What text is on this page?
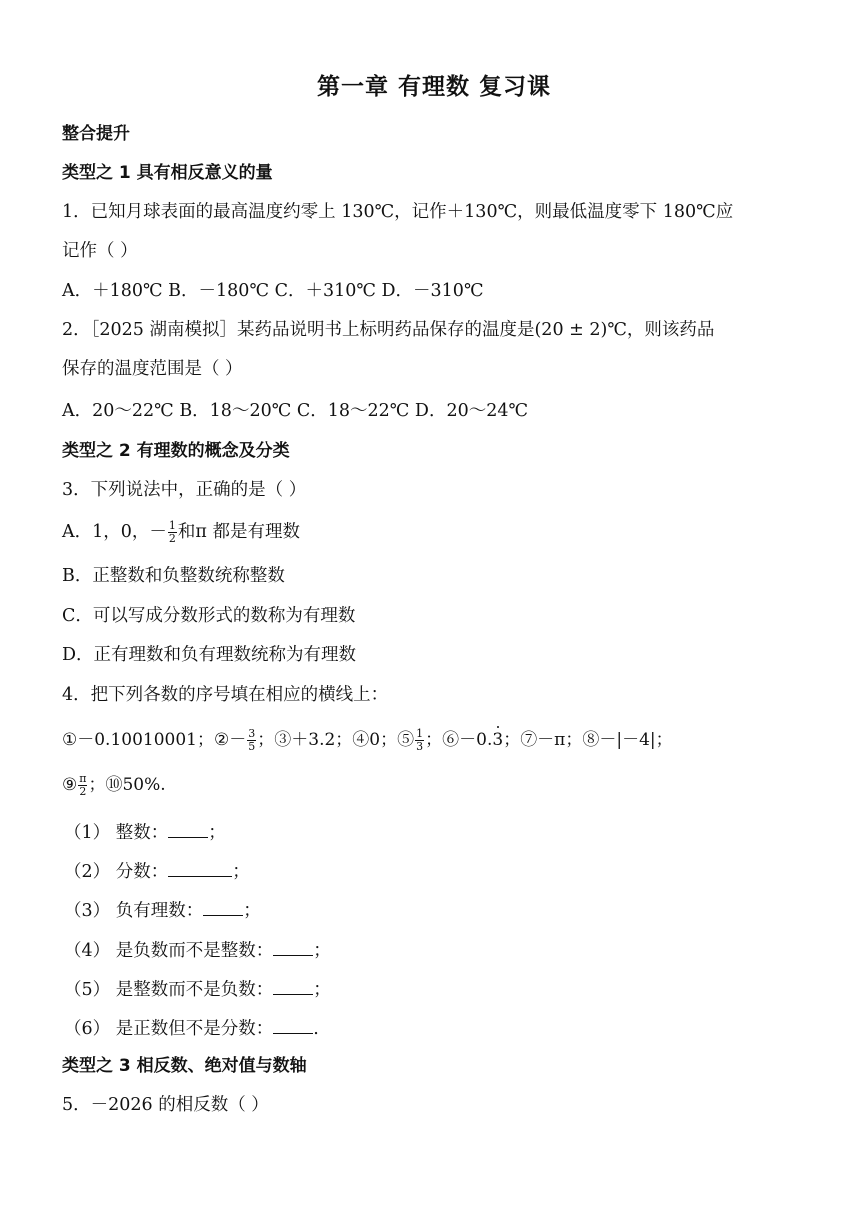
第一章 有理数 复习课
整合提升
类型之 1 具有相反意义的量
1．已知月球表面的最高温度约零上 130℃，记作＋130℃，则最低温度零下 180℃应
记作（ ）
A．＋180℃ B．－180℃ C．＋310℃ D．－310℃
2．［2025 湖南模拟］某药品说明书上标明药品保存的温度是(20 ± 2)℃，则该药品
保存的温度范围是（ ）
A．20～22℃ B．18～20℃ C．18～22℃ D．20～24℃
类型之 2 有理数的概念及分类
3．下列说法中，正确的是（ ）
A．1，0，－ $\frac{1}{2}$ 和π 都是有理数
B．正整数和负整数统称整数
C．可以写成分数形式的数称为有理数
D．正有理数和负有理数统称为有理数
4．把下列各数的序号填在相应的横线上：
①－0.10010001；②－ $\frac{3}{5}$ ；③＋3.2；④0；⑤ $\frac{1}{3}$ ；⑥－0.3；⑦－π；⑧－|－4|；
⑨ $\frac{\pi}{2}$ ；⑩50%.
（1） 整数： ；
（2） 分数：	；
（3） 负有理数： ；
（4） 是负数而不是整数： ；
（5） 是整数而不是负数： ；
（6） 是正数但不是分数： .
类型之 3 相反数、绝对值与数轴
5．－2026 的相反数（ ）
